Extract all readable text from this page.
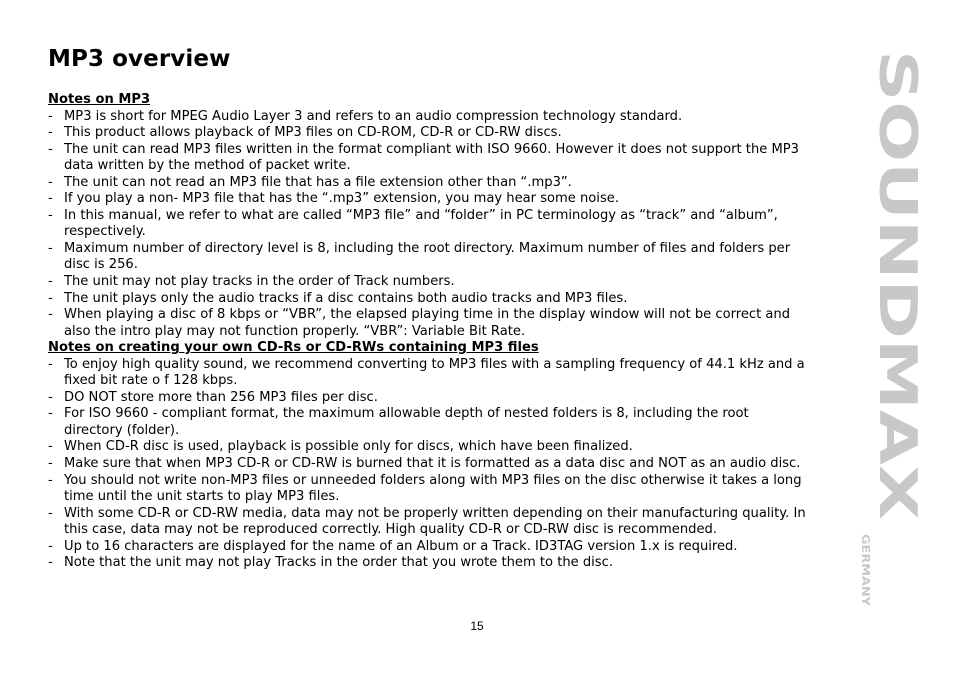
MP3 overview

Notes on MP3

- MP3 is short for MPEG Audio Layer 3 and refers to an audio compression technology standard.
- This product allows playback of MP3 files on CD-ROM, CD-R or CD-RW discs.
- The unit can read MP3 files written in the format compliant with ISO 9660. However it does not support the MP3 data written by the method of packet write.
- The unit can not read an MP3 file that has a file extension other than “.mp3”.
- If you play a non- MP3 file that has the “.mp3” extension, you may hear some noise.
- In this manual, we refer to what are called “MP3 file” and “folder” in PC terminology as “track” and “album”, respectively.
- Maximum number of directory level is 8, including the root directory. Maximum number of files and folders per disc is 256.
- The unit may not play tracks in the order of Track numbers.
- The unit plays only the audio tracks if a disc contains both audio tracks and MP3 files.
- When playing a disc of 8 kbps or “VBR”, the elapsed playing time in the display window will not be correct and also the intro play may not function properly. “VBR”: Variable Bit Rate.

Notes on creating your own CD-Rs or CD-RWs containing MP3 files

- To enjoy high quality sound, we recommend converting to MP3 files with a sampling frequency of 44.1 kHz and a fixed bit rate o f 128 kbps.
- DO NOT store more than 256 MP3 files per disc.
- For ISO 9660 - compliant format, the maximum allowable depth of nested folders is 8, including the root directory (folder).
- When CD-R disc is used, playback is possible only for discs, which have been finalized.
- Make sure that when MP3 CD-R or CD-RW is burned that it is formatted as a data disc and NOT as an audio disc.
- You should not write non-MP3 files or unneeded folders along with MP3 files on the disc otherwise it takes a long time until the unit starts to play MP3 files.
- With some CD-R or CD-RW media, data may not be properly written depending on their manufacturing quality. In this case, data may not be reproduced correctly. High quality CD-R or CD-RW disc is recommended.
- Up to 16 characters are displayed for the name of an Album or a Track. ID3TAG version 1.x is required.
- Note that the unit may not play Tracks in the order that you wrote them to the disc.
15
SOUNDMAX
GERMANY
